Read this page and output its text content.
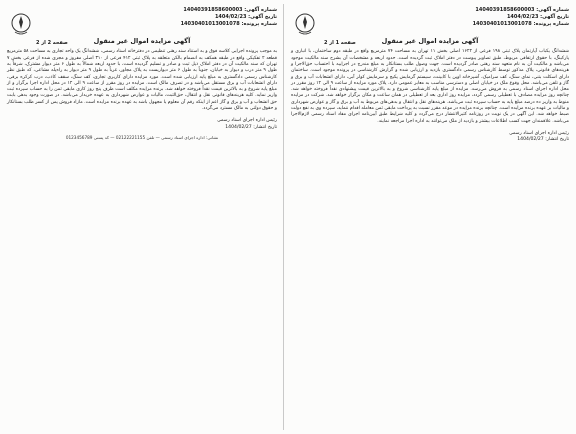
صفحه 1 از 2
شماره آگهی: 14040391858600003
تاریخ آگهی: 1404/02/23
شماره پرونده: 14030401013001078
آگهی مزایده اموال غیر منقول

ششدانگ یکباب آپارتمان پلاک ثبتی ۱۹۸ فرعی از ۱۶۲۲ اصلی بخش ۱۱ تهران به مساحت ۷۴ مترمربع واقع در طبقه دوم ساختمان، با انباری و پارکینگ، با حقوق ارتفاقی مربوط، طبق تصاویر پیوست در دفتر املاک ثبت گردیده است. حدود اربعه و مشخصات آن بشرح سند مالکیت موجود می‌باشد و مالکیت آن به نام متعهد سند رهنی صادر گردیده است. جهت وصول طلب بستانکار به مبلغ مندرج در اجراییه با احتساب حق‌الاجرا و هزینه‌های قانونی، پلاک مذکور توسط کارشناس رسمی دادگستری بازدید و ارزیابی شده و گزارش کارشناسی در پرونده موجود است. ساختمان دارای اسکلت بتنی، نمای سنگ، کف سرامیک، آشپزخانه اوپن با کابینت، سیستم گرمایش پکیج و سرمایش کولر آبی، دارای انشعابات آب و برق و گاز و تلفن می‌باشد. محل وقوع ملک در خیابان اصلی و دسترسی مناسب به معابر عمومی دارد. پلاک مورد مزایده از ساعت ۹ الی ۱۲ روز مقرر در محل اداره اجرای اسناد رسمی به فروش می‌رسد. مزایده از مبلغ پایه کارشناسی شروع و به بالاترین قیمت پیشنهادی نقداً فروخته خواهد شد. چنانچه روز مزایده مصادف با تعطیلی رسمی گردد، مزایده روز اداری بعد از تعطیلی در همان ساعت و مکان برگزار خواهد شد. شرکت در مزایده منوط به واریز ده درصد مبلغ پایه به حساب سپرده ثبت می‌باشد. هزینه‌های نقل و انتقال و بدهی‌های مربوط به آب و برق و گاز و عوارض شهرداری و مالیات بر عهده برنده مزایده است. چنانچه برنده مزایده در موعد مقرر نسبت به پرداخت مابقی ثمن معامله اقدام ننماید، سپرده وی به نفع دولت ضبط خواهد شد. این آگهی در یک نوبت در روزنامه کثیرالانتشار درج می‌گردد و کلیه شرایط طبق آیین‌نامه اجرای مفاد اسناد رسمی لازم‌الاجرا می‌باشد. علاقمندان جهت کسب اطلاعات بیشتر و بازدید از ملک می‌توانند به اداره اجرا مراجعه نمایند.

رئیس اداره اجرای اسناد رسمی
تاریخ انتشار: 1404/02/27
صفحه 2 از 2
شماره آگهی: 14040391858600003
تاریخ آگهی: 1404/02/23
شماره پرونده: 14030401013001078
آگهی مزایده اموال غیر منقول

به موجب پرونده اجرایی کلاسه فوق و به استناد سند رهنی تنظیمی در دفترخانه اسناد رسمی، ششدانگ یک واحد تجاری به مساحت ۵۸ مترمربع قطعه ۲ تفکیکی واقع در طبقه همکف به انضمام بالکن متعلقه به پلاک ثبتی ۴۱۲ فرعی از ۳۱۰ اصلی مفروز و مجزی شده از فرعی بخش ۷ تهران که سند مالکیت آن در دفتر املاک ذیل ثبت و صادر و تسلیم گردیده است، با حدود اربعه شمالاً به طول ۶ متر دیوار مشترک، شرقاً به طول ۹ متر درب و دیوار به خیابان، جنوباً به طول ۶ متر دیواریست به پلاک مجاور، غرباً به طول ۹ متر دیوار به راه‌پله مشاعی، که طبق نظر کارشناس رسمی دادگستری به مبلغ پایه ارزیابی شده است. مورد مزایده دارای کاربری تجاری، کف سنگ، سقف کاذب، درب کرکره برقی، دارای انشعابات آب و برق مستقل می‌باشد و در تصرف مالک است. مزایده در روز مقرر از ساعت ۹ الی ۱۲ در محل اداره اجرا برگزار و از مبلغ پایه شروع و به بالاترین قیمت نقداً فروخته خواهد شد. برنده مزایده مکلف است ظرف پنج روز کاری مابقی ثمن را به حساب سپرده ثبت واریز نماید. کلیه هزینه‌های قانونی نقل و انتقال، حق‌الثبت، مالیات و عوارض شهرداری به عهده خریدار می‌باشد. در صورت وجود بدهی بابت حق انشعاب و آب و برق و گاز اعم از اینکه رقم آن معلوم یا مجهول باشد به عهده برنده مزایده است. مازاد فروش پس از کسر طلب بستانکار و حقوق دولتی به مالک مسترد می‌گردد.

رئیس اداره اجرای اسناد رسمی
تاریخ انتشار: 1404/02/27
نشانی: اداره اجرای اسناد رسمی — تلفن 02122221155 — کد پستی 0123456789
